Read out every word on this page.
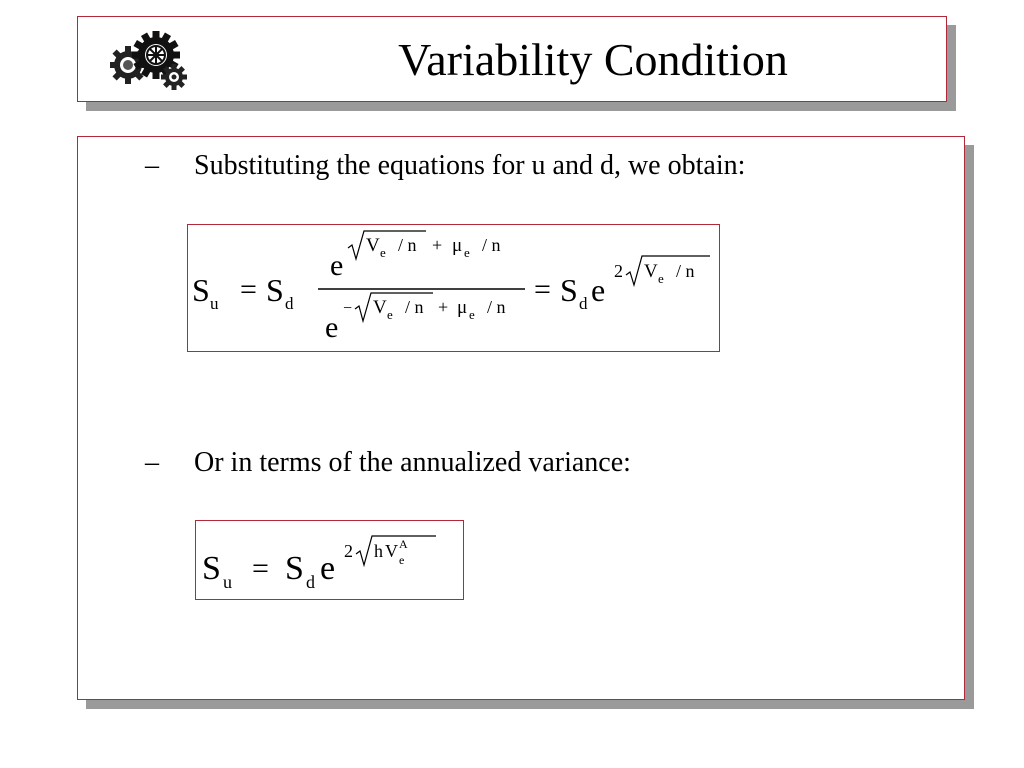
Variability Condition
– Substituting the equations for u and d, we obtain:
S u = S d
e
V e / n + μ e / n
e
− V e / n + μ e / n
= S d e
2 V e / n
– Or in terms of the annualized variance:
S u = S d e 2 h V e
A
